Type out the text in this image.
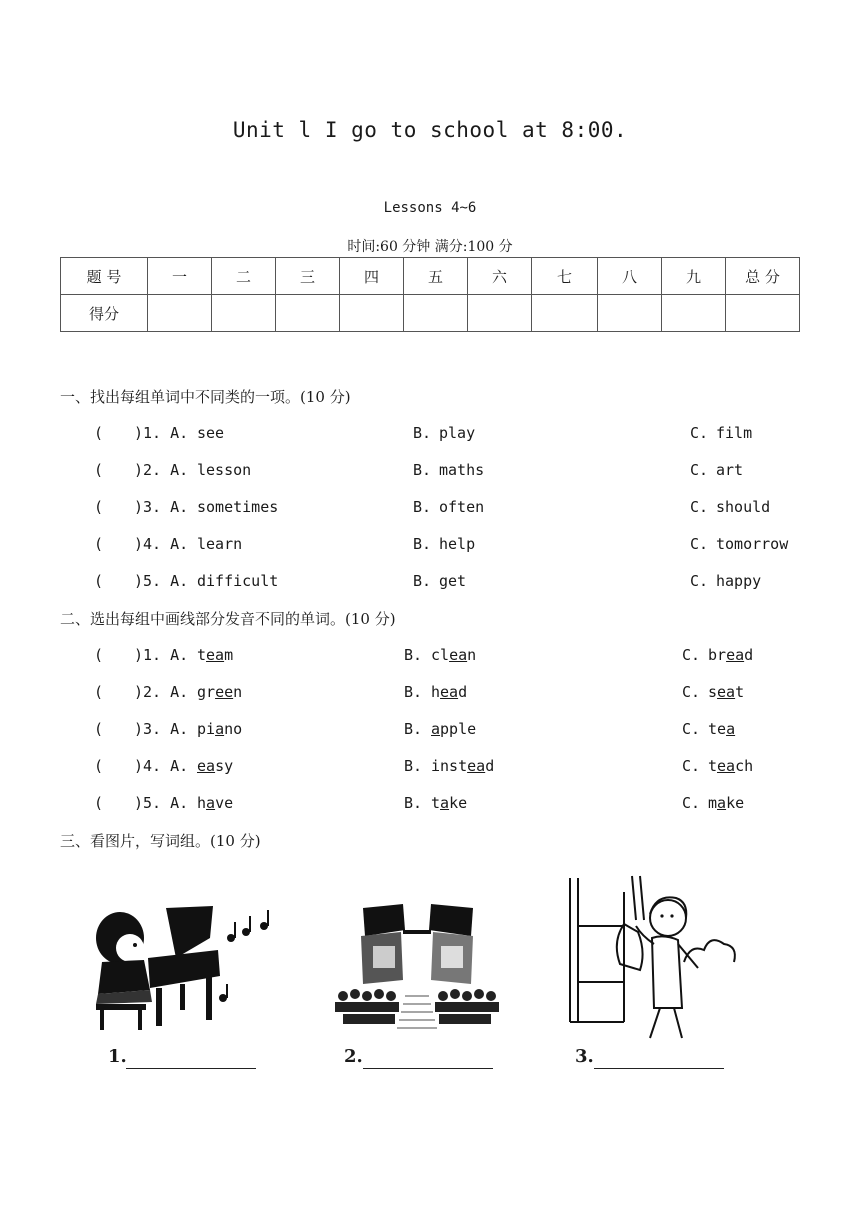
Unit l I go to school at 8:00.
Lessons 4~6
时间:60 分钟 满分:100 分
题 号	一	二	三	四	五	六	七	八	九	总 分
得分										
一、找出每组单词中不同类的一项。(10 分)
( )1. A. see	B. play	C. film
( )2. A. lesson	B. maths	C. art
( )3. A. sometimes	B. often	C. should
( )4. A. learn	B. help	C. tomorrow
( )5. A. difficult	B. get	C. happy
二、选出每组中画线部分发音不同的单词。(10 分)
( )1. A. team	B. clean	C. bread
( )2. A. green	B. head	C. seat
( )3. A. piano	B. apple	C. tea
( )4. A. easy	B. instead	C. teach
( )5. A. have	B. take	C. make
三、看图片，写词组。(10 分)
1.	2.	3.
